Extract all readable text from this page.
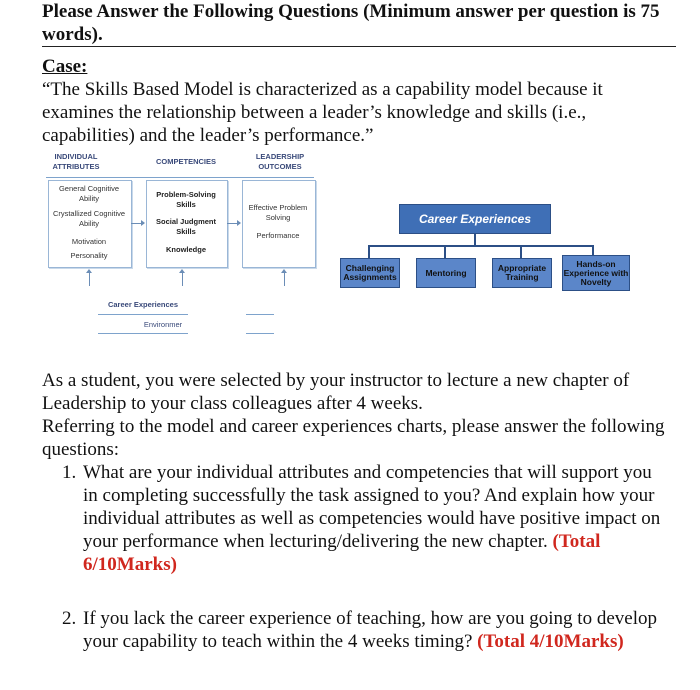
Please Answer the Following Questions (Minimum answer per question is 75 words).
Case:
“The Skills Based Model is characterized as a capability model because it examines the relationship between a leader’s knowledge and skills (i.e., capabilities) and the leader’s performance.”
INDIVIDUAL ATTRIBUTES
COMPETENCIES
LEADERSHIP OUTCOMES
General Cognitive Ability
Crystallized Cognitive Ability
Motivation
Personality
Problem-Solving Skills
Social Judgment Skills
Knowledge
Effective Problem Solving
Performance
Career Experiences
Environmer
Career Experiences
Challenging Assignments	Mentoring	Appropriate Training
Hands-on Experience with Novelty
As a student, you were selected by your instructor to lecture a new chapter of Leadership to your class colleagues after 4 weeks.
Referring to the model and career experiences charts, please answer the following questions:
1. What are your individual attributes and competencies that will support you in completing successfully the task assigned to you? And explain how your individual attributes as well as competencies would have positive impact on your performance when lecturing/delivering the new chapter. (Total 6/10Marks)
2. If you lack the career experience of teaching, how are you going to develop your capability to teach within the 4 weeks timing? (Total 4/10Marks)
